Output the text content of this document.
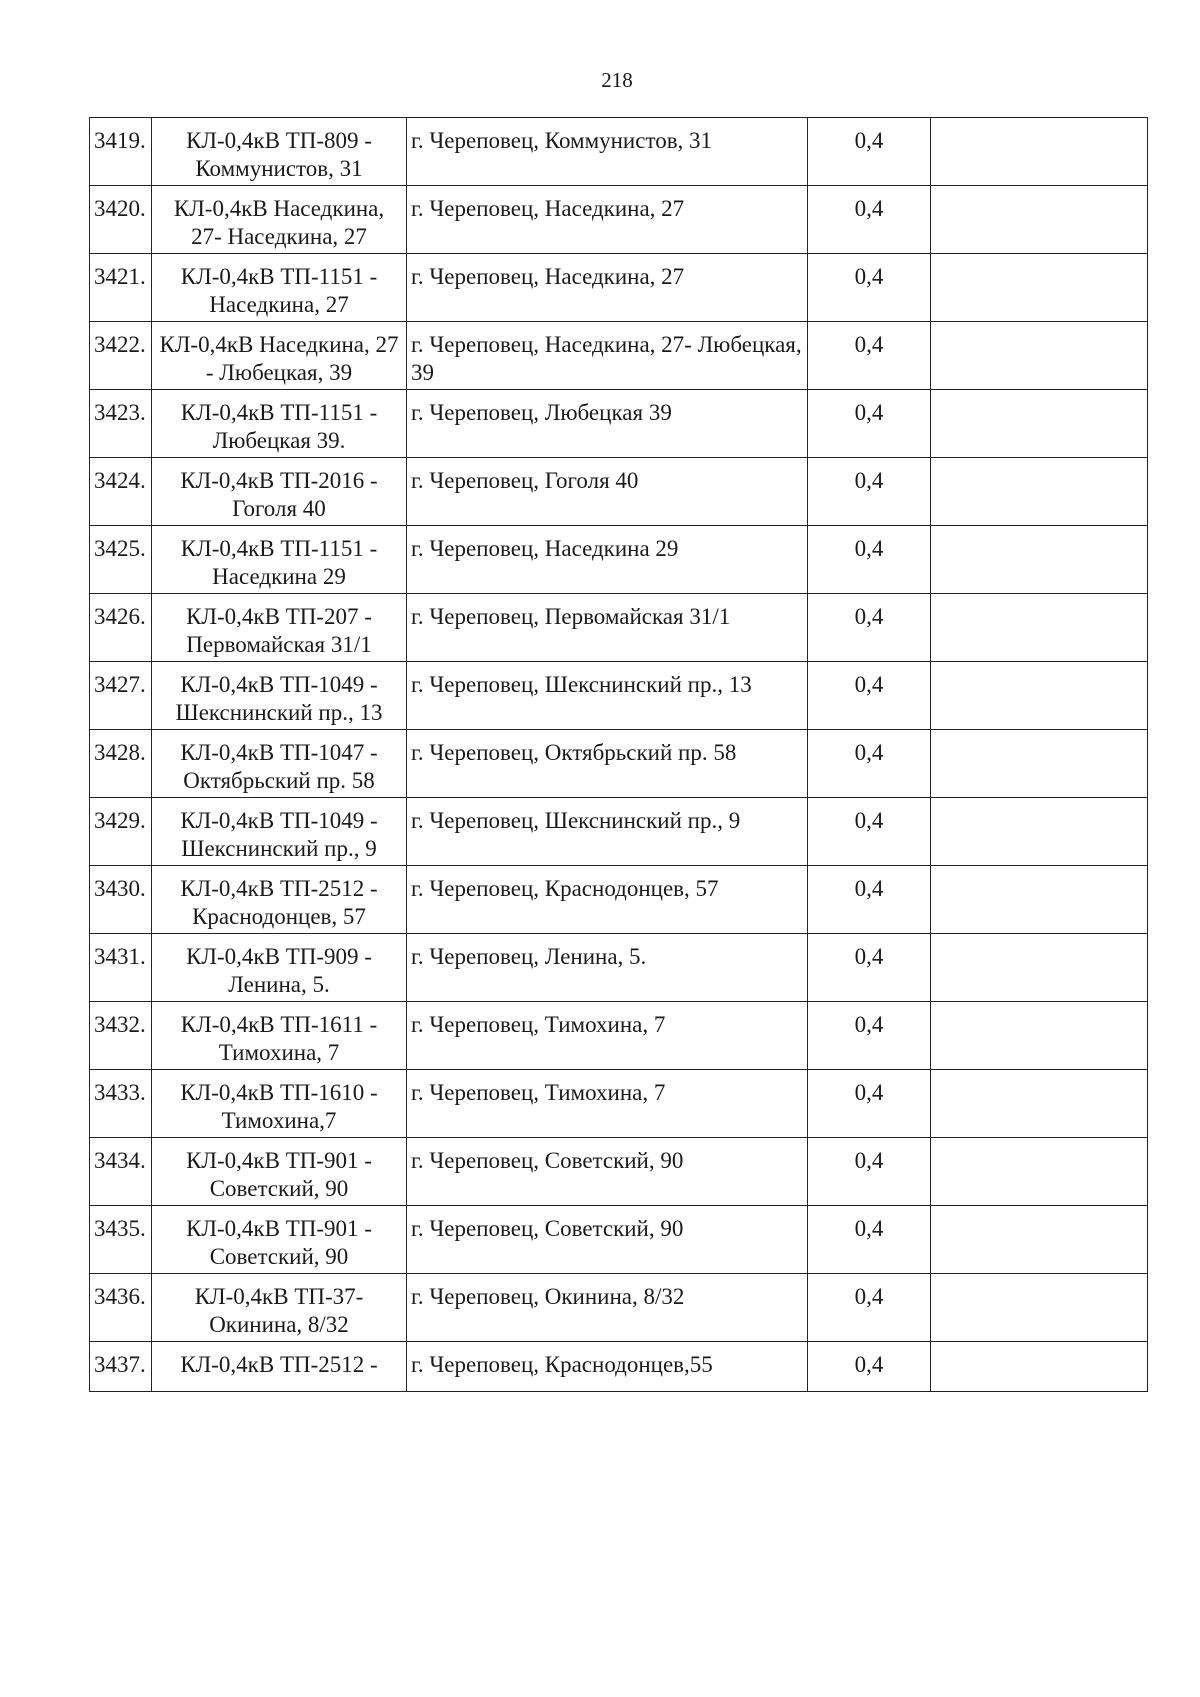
218
3419.	КЛ-0,4кВ ТП-809 - Коммунистов, 31	г. Череповец, Коммунистов, 31	0,4	
3420.	КЛ-0,4кВ Наседкина, 27- Наседкина, 27	г. Череповец, Наседкина, 27	0,4	
3421.	КЛ-0,4кВ ТП-1151 - Наседкина, 27	г. Череповец, Наседкина, 27	0,4	
3422.	КЛ-0,4кВ Наседкина, 27 - Любецкая, 39	г. Череповец, Наседкина, 27- Любецкая, 39	0,4	
3423.	КЛ-0,4кВ ТП-1151 - Любецкая 39.	г. Череповец, Любецкая 39	0,4	
3424.	КЛ-0,4кВ ТП-2016 - Гоголя 40	г. Череповец, Гоголя 40	0,4	
3425.	КЛ-0,4кВ ТП-1151 - Наседкина 29	г. Череповец, Наседкина 29	0,4	
3426.	КЛ-0,4кВ ТП-207 - Первомайская 31/1	г. Череповец, Первомайская 31/1	0,4	
3427.	КЛ-0,4кВ ТП-1049 - Шекснинский пр., 13	г. Череповец, Шекснинский пр., 13	0,4	
3428.	КЛ-0,4кВ ТП-1047 - Октябрьский пр. 58	г. Череповец, Октябрьский пр. 58	0,4	
3429.	КЛ-0,4кВ ТП-1049 - Шекснинский пр., 9	г. Череповец, Шекснинский пр., 9	0,4	
3430.	КЛ-0,4кВ ТП-2512 - Краснодонцев, 57	г. Череповец, Краснодонцев, 57	0,4	
3431.	КЛ-0,4кВ ТП-909 - Ленина, 5.	г. Череповец, Ленина, 5.	0,4	
3432.	КЛ-0,4кВ ТП-1611 - Тимохина, 7	г. Череповец, Тимохина, 7	0,4	
3433.	КЛ-0,4кВ ТП-1610 - Тимохина,7	г. Череповец, Тимохина, 7	0,4	
3434.	КЛ-0,4кВ ТП-901 - Советский, 90	г. Череповец, Советский, 90	0,4	
3435.	КЛ-0,4кВ ТП-901 - Советский, 90	г. Череповец, Советский, 90	0,4	
3436.	КЛ-0,4кВ ТП-37- Окинина, 8/32	г. Череповец, Окинина, 8/32	0,4	
3437.	КЛ-0,4кВ ТП-2512 -	г. Череповец, Краснодонцев,55	0,4	
